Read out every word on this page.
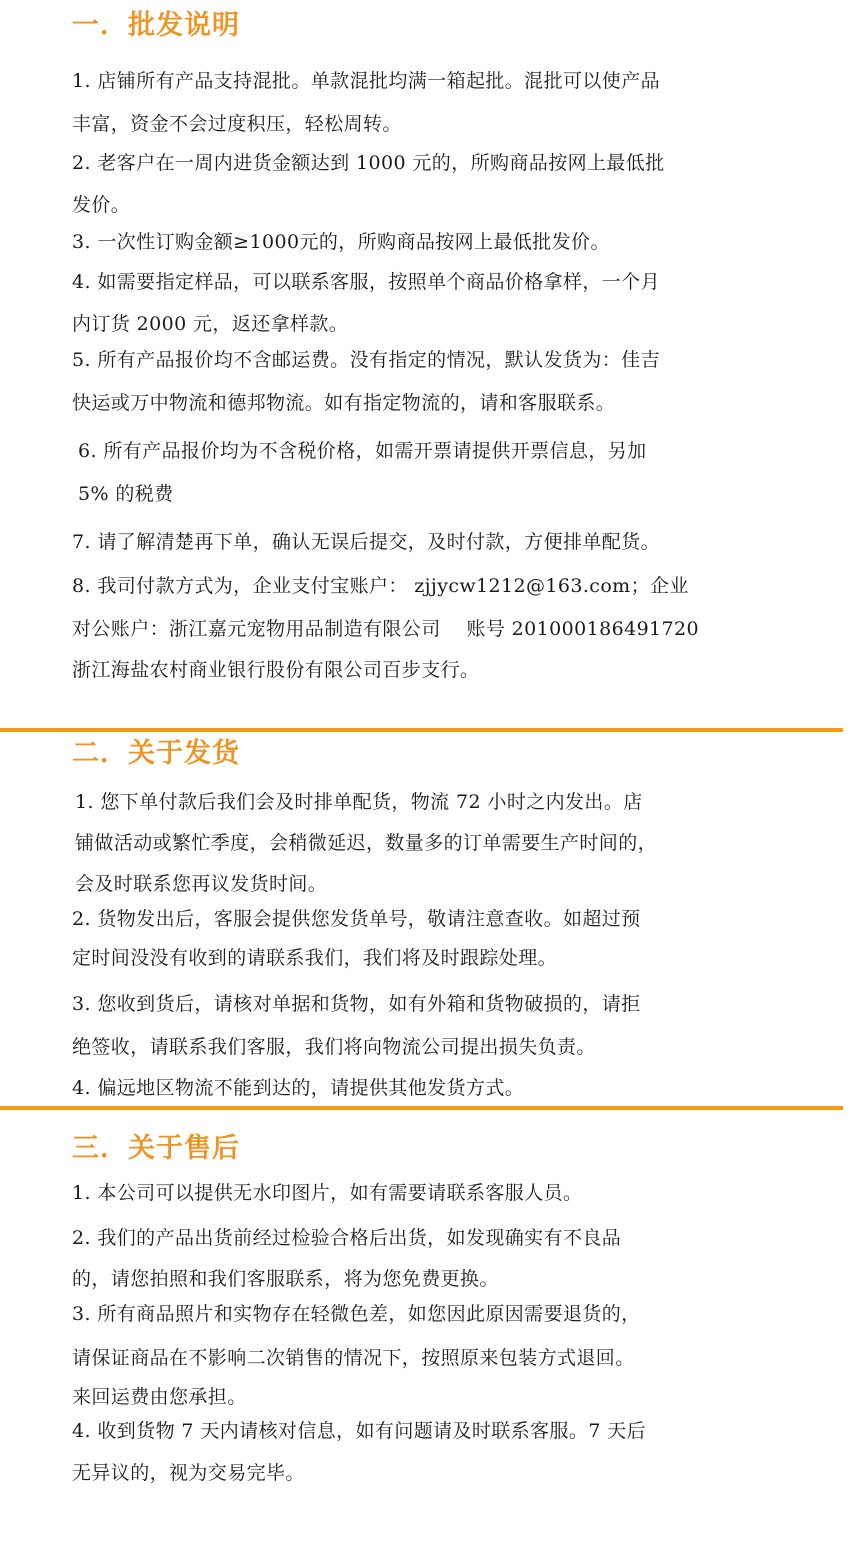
一．批发说明
1. 店铺所有产品支持混批。单款混批均满一箱起批。混批可以使产品
丰富，资金不会过度积压，轻松周转。
2. 老客户在一周内进货金额达到 1000 元的，所购商品按网上最低批
发价。
3. 一次性订购金额≥1000元的，所购商品按网上最低批发价。
4. 如需要指定样品，可以联系客服，按照单个商品价格拿样，一个月
内订货 2000 元，返还拿样款。
5. 所有产品报价均不含邮运费。没有指定的情况，默认发货为：佳吉
快运或万中物流和德邦物流。如有指定物流的，请和客服联系。
6. 所有产品报价均为不含税价格，如需开票请提供开票信息，另加
5% 的税费
7. 请了解清楚再下单，确认无误后提交，及时付款，方便排单配货。
8. 我司付款方式为，企业支付宝账户： zjjycw1212@163.com；企业
对公账户：浙江嘉元宠物用品制造有限公司　 账号 201000186491720
浙江海盐农村商业银行股份有限公司百步支行。
二．关于发货
1. 您下单付款后我们会及时排单配货，物流 72 小时之内发出。店
铺做活动或繁忙季度，会稍微延迟，数量多的订单需要生产时间的，
会及时联系您再议发货时间。
2. 货物发出后，客服会提供您发货单号，敬请注意查收。如超过预
定时间没没有收到的请联系我们，我们将及时跟踪处理。
3. 您收到货后，请核对单据和货物，如有外箱和货物破损的，请拒
绝签收，请联系我们客服，我们将向物流公司提出损失负责。
4. 偏远地区物流不能到达的，请提供其他发货方式。
三．关于售后
1. 本公司可以提供无水印图片，如有需要请联系客服人员。
2. 我们的产品出货前经过检验合格后出货，如发现确实有不良品
的，请您拍照和我们客服联系，将为您免费更换。
3. 所有商品照片和实物存在轻微色差，如您因此原因需要退货的，
请保证商品在不影响二次销售的情况下，按照原来包装方式退回。
来回运费由您承担。
4. 收到货物 7 天内请核对信息，如有问题请及时联系客服。7 天后
无异议的，视为交易完毕。
